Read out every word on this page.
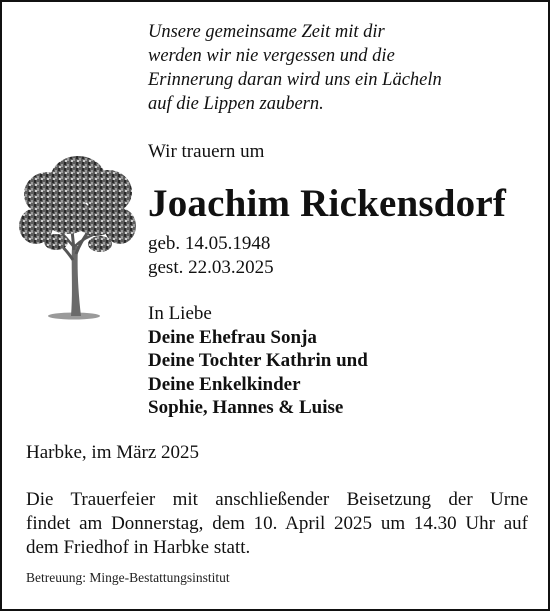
Unsere gemeinsame Zeit mit dir
werden wir nie vergessen und die
Erinnerung daran wird uns ein Lächeln
auf die Lippen zaubern.
Wir trauern um
Joachim Rickensdorf
geb. 14.05.1948
gest. 22.03.2025
In Liebe
Deine Ehefrau Sonja
Deine Tochter Kathrin und
Deine Enkelkinder
Sophie, Hannes & Luise
Harbke, im März 2025
Die Trauerfeier mit anschließender Beisetzung der Urne
findet am Donnerstag, dem 10. April 2025 um 14.30 Uhr auf
dem Friedhof in Harbke statt.
Betreuung: Minge-Bestattungsinstitut
